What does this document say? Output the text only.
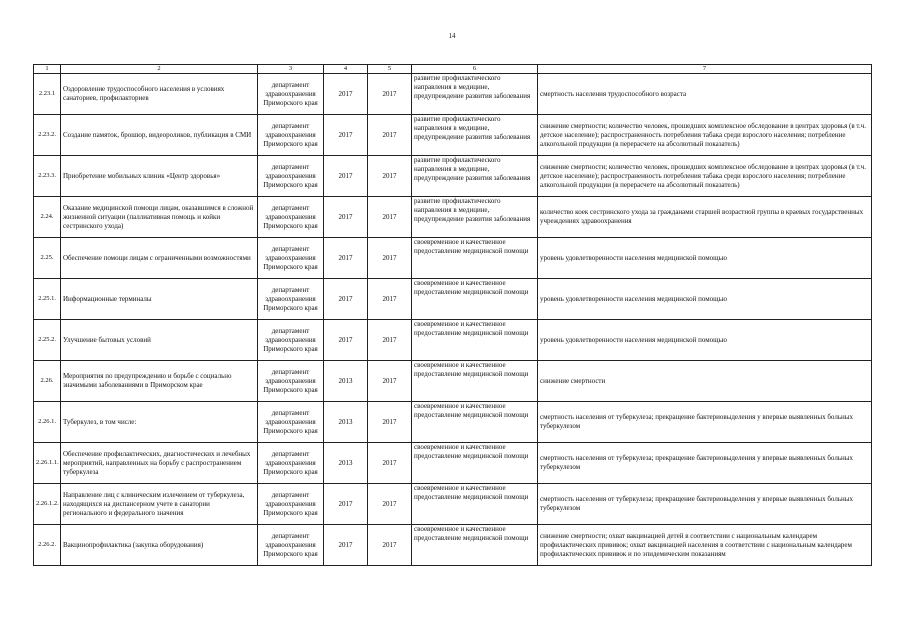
14
1	2	3	4	5	6	7
2.23.1	Оздоровление трудоспособного населения в условиях санаториев, профилакториев	департамент здравоохранения Приморского края	2017	2017	развитие профилактического направления в медицине, предупреждение развития заболевания	смертность населения трудоспособного возраста
2.23.2.	Создание памяток, брошюр, видеороликов, публикация в СМИ	департамент здравоохранения Приморского края	2017	2017	развитие профилактического направления в медицине, предупреждение развития заболевания	снижение смертности; количество человек, прошедших комплексное обследование в центрах здоровья (в т.ч. детское население); распространенность потребления табака среди взрослого населения; потребление алкогольной продукции (в перерасчете на абсолютный показатель)
2.23.3.	Приобретение мобильных клиник «Центр здоровья»	департамент здравоохранения Приморского края	2017	2017	развитие профилактического направления в медицине, предупреждение развития заболевания	снижение смертности; количество человек, прошедших комплексное обследование в центрах здоровья (в т.ч. детское население); распространенность потребления табака среди взрослого населения; потребление алкогольной продукции (в перерасчете на абсолютный показатель)
2.24.	Оказание медицинской помощи лицам, оказавшимся в сложной жизненной ситуации (паллиативная помощь и койки сестринского ухода)	департамент здравоохранения Приморского края	2017	2017	развитие профилактического направления в медицине, предупреждение развития заболевания	количество коек сестринского ухода за гражданами старшей возрастной группы в краевых государственных учреждениях здравоохранения
2.25.	Обеспечение помощи лицам с ограниченными возможностями	департамент здравоохранения Приморского края	2017	2017	своевременное и качественное предоставление медицинской помощи	уровень удовлетворенности населения медицинской помощью
2.25.1.	Информационные терминалы	департамент здравоохранения Приморского края	2017	2017	своевременное и качественное предоставление медицинской помощи	уровень удовлетворенности населения медицинской помощью
2.25.2.	Улучшение бытовых условий	департамент здравоохранения Приморского края	2017	2017	своевременное и качественное предоставление медицинской помощи	уровень удовлетворенности населения медицинской помощью
2.26.	Мероприятия по предупреждению и борьбе с социально значимыми заболеваниями в Приморском крае	департамент здравоохранения Приморского края	2013	2017	своевременное и качественное предоставление медицинской помощи	снижение смертности
2.26.1.	Туберкулез, в том числе:	департамент здравоохранения Приморского края	2013	2017	своевременное и качественное предоставление медицинской помощи	смертность населения от туберкулеза; прекращение бактериовыделения у впервые выявленных больных туберкулезом
2.26.1.1.	Обеспечение профилактических, диагностических и лечебных мероприятий, направленных на борьбу с распространением туберкулеза	департамент здравоохранения Приморского края	2013	2017	своевременное и качественное предоставление медицинской помощи	смертность населения от туберкулеза; прекращение бактериовыделения у впервые выявленных больных туберкулезом
2.26.1.2.	Направление лиц с клиническим излечением от туберкулеза, находящихся на диспансерном учете в санатории регионального и федерального значения	департамент здравоохранения Приморского края	2017	2017	своевременное и качественное предоставление медицинской помощи	смертность населения от туберкулеза; прекращение бактериовыделения у впервые выявленных больных туберкулезом
2.26.2.	Вакцинопрофилактика (закупка оборудования)	департамент здравоохранения Приморского края	2017	2017	своевременное и качественное предоставление медицинской помощи	снижение смертности; охват вакцинацией детей в соответствии с национальным календарем профилактических прививок; охват вакцинацией населения в соответствии с национальным календарем профилактических прививок и по эпидемическим показаниям
